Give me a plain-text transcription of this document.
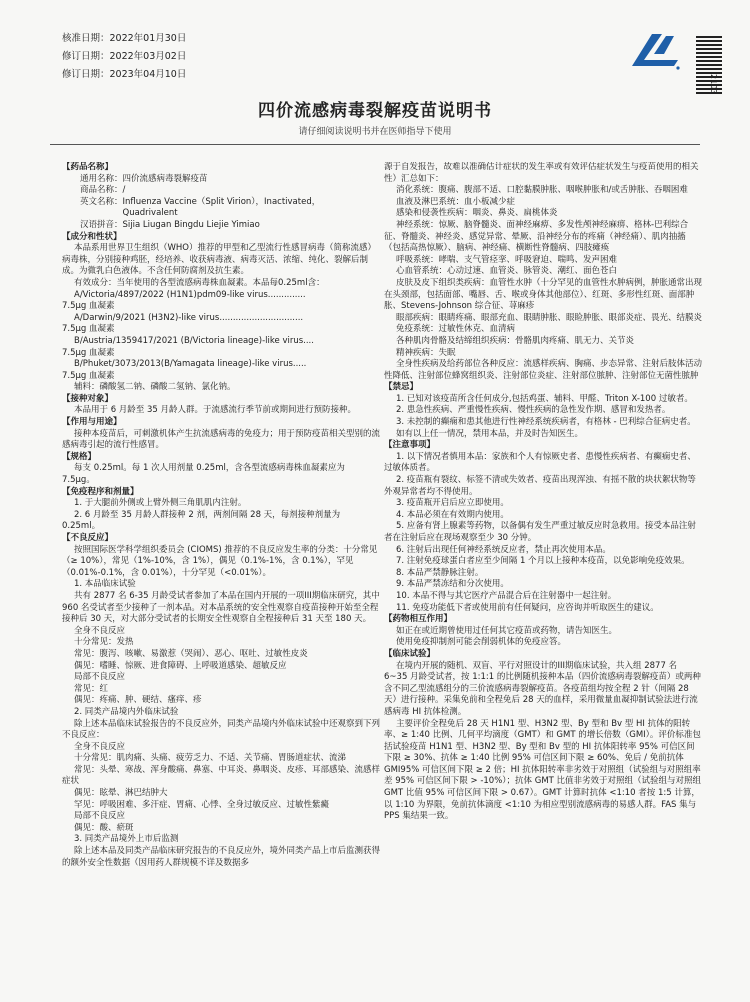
核准日期：2022年01月30日
修订日期：2022年03月02日
修订日期：2023年04月10日	2103
四价流感病毒裂解疫苗说明书
请仔细阅读说明书并在医师指导下使用

【药品名称】

通用名称：四价流感病毒裂解疫苗

商品名称：/

英文名称：Influenza Vaccine（Split Virion），Inactivated，

　　　　　Quadrivalent

汉语拼音：Sijia Liugan Bingdu Liejie Yimiao

【成分和性状】

本品系用世界卫生组织（WHO）推荐的甲型和乙型流行性感冒病毒（简称流感）病毒株，分别接种鸡胚，经培养、收获病毒液、病毒灭活、浓缩、纯化、裂解后制成。为微乳白色液体。不含任何防腐剂及抗生素。

有效成分：当年使用的各型流感病毒株血凝素。本品每0.25ml含：

A/Victoria/4897/2022 (H1N1)pdm09-like virus..............

7.5μg 血凝素

A/Darwin/9/2021 (H3N2)-like virus...............................

7.5μg 血凝素

B/Austria/1359417/2021 (B/Victoria lineage)-like virus....

7.5μg 血凝素

B/Phuket/3073/2013(B/Yamagata lineage)-like virus.....

7.5μg 血凝素

辅料：磷酸氢二钠、磷酸二氢钠、氯化钠。

【接种对象】

本品用于 6 月龄至 35 月龄人群。于流感流行季节前或期间进行预防接种。

【作用与用途】

接种本疫苗后，可刺激机体产生抗流感病毒的免疫力；用于预防疫苗相关型别的流感病毒引起的流行性感冒。

【规格】

每支 0.25ml。每 1 次人用剂量 0.25ml，含各型流感病毒株血凝素应为 7.5μg。

【免疫程序和剂量】

1. 于大腿前外侧或上臂外侧三角肌肌内注射。

2. 6 月龄至 35 月龄人群接种 2 剂，两剂间隔 28 天，每剂接种剂量为 0.25ml。

【不良反应】

按照国际医学科学组织委员会 (CIOMS) 推荐的不良反应发生率的分类：十分常见（≥ 10%），常见（1%-10%，含 1%），偶见（0.1%-1%，含 0.1%），罕见（0.01%-0.1%，含 0.01%），十分罕见（<0.01%）。

1. 本品临床试验

共有 2877 名 6-35 月龄受试者参加了本品在国内开展的一项III期临床研究，其中 960 名受试者至少接种了一剂本品。对本品系统的安全性观察自疫苗接种开始至全程接种后 30 天，对大部分受试者的长期安全性观察自全程接种后 31 天至 180 天。

全身不良反应

十分常见：发热

常见：腹泻、咳嗽、易激惹（哭闹）、恶心、呕吐、过敏性皮炎

偶见：嗜睡、惊厥、进食障碍、上呼吸道感染、超敏反应

局部不良反应

常见：红

偶见：疼痛、肿、硬结、瘙痒、疹

2. 同类产品境内外临床试验

除上述本品临床试验报告的不良反应外，同类产品境内外临床试验中还观察到下列不良反应：

全身不良反应

十分常见：肌肉痛、头痛、疲劳乏力、不适、关节痛、胃肠道症状、流涕

常见：头晕、寒战、浑身酸痛、鼻塞、中耳炎、鼻咽炎、皮疹、耳部感染、流感样症状

偶见：眩晕、淋巴结肿大

罕见：呼吸困难、多汗症、胃痛、心悸、全身过敏反应、过敏性紫癜

局部不良反应

偶见：酸、瘀斑

3. 同类产品境外上市后监测

除上述本品及同类产品临床研究报告的不良反应外，境外同类产品上市后监测获得的额外安全性数据（因用药人群规模不详及数据多

源于自发报告，故难以准确估计症状的发生率或有效评估症状发生与疫苗使用的相关性）汇总如下：

消化系统：腹痛、腹部不适、口腔黏膜肿胀、咽喉肿胀和/或舌肿胀、吞咽困难

血液及淋巴系统：血小板减少症

感染和侵袭性疾病：咽炎、鼻炎、扁桃体炎

神经系统：惊厥、脑脊髓炎、面神经麻痹、多发性颅神经麻痹、格林-巴利综合征、脊髓炎、神经炎、感觉异常、晕厥、沿神经分布的疼痛（神经痛）、肌肉抽搐（包括高热惊厥）、脑病、神经痛、横断性脊髓病、四肢瘫痪

呼吸系统：哮喘、支气管痉挛、呼吸窘迫、喘鸣、发声困难

心血管系统：心动过速、血管炎、脉管炎、潮红、面色苍白

皮肤及皮下组织类疾病：血管性水肿（十分罕见的血管性水肿病例，肿胀通常出现在头颈部，包括面部、嘴唇、舌、喉或身体其他部位）、红斑、多形性红斑、面部肿胀、Stevens-Johnson 综合征、荨麻疹

眼部疾病：眼睛疼痛、眼部充血、眼睛肿胀、眼睑肿胀、眼部炎症、畏光、结膜炎

免疫系统：过敏性休克、血清病

各种肌肉骨骼及结缔组织疾病：骨骼肌肉疼痛、肌无力、关节炎

精神疾病：失眠

全身性疾病及给药部位各种反应：流感样疾病、胸痛、步态异常、注射后肢体活动性降低、注射部位蜂窝组织炎、注射部位炎症、注射部位脓肿、注射部位无菌性脓肿

【禁忌】

1. 已知对该疫苗所含任何成分,包括鸡蛋、辅料、甲醛、Triton X-100 过敏者。

2. 患急性疾病、严重慢性疾病、慢性疾病的急性发作期、感冒和发热者。

3. 未控制的癫痫和患其他进行性神经系统疾病者，有格林 - 巴利综合征病史者。

如有以上任一情况，禁用本品，并及时告知医生。

【注意事项】

1. 以下情况者慎用本品：家族和个人有惊厥史者、患慢性疾病者、有癫痫史者、过敏体质者。

2. 疫苗瓶有裂纹、标签不清或失效者、疫苗出现浑浊、有摇不散的块状絮状物等外观异常者均不得使用。

3. 疫苗瓶开启后应立即使用。

4. 本品必须在有效期内使用。

5. 应备有肾上腺素等药物，以备偶有发生严重过敏反应时急救用。接受本品注射者在注射后应在现场观察至少 30 分钟。

6. 注射后出现任何神经系统反应者，禁止再次使用本品。

7. 注射免疫球蛋白者应至少间隔 1 个月以上接种本疫苗，以免影响免疫效果。

8. 本品严禁静脉注射。

9. 本品严禁冻结和分次使用。

10. 本品不得与其它医疗产品混合后在注射器中一起注射。

11. 免疫功能低下者或使用前有任何疑问，应咨询并听取医生的建议。

【药物相互作用】

如正在或近期曾使用过任何其它疫苗或药物，请告知医生。

使用免疫抑制剂可能会削弱机体的免疫应答。

【临床试验】

在境内开展的随机、双盲、平行对照设计的III期临床试验，共入组 2877 名 6~35 月龄受试者，按 1:1:1 的比例随机接种本品（四价流感病毒裂解疫苗）或两种含不同乙型流感组分的三价流感病毒裂解疫苗。各疫苗组均按全程 2 针（间隔 28 天）进行接种。采集免前和全程免后 28 天的血样，采用微量血凝抑制试验法进行流感病毒 HI 抗体检测。

主要评价全程免后 28 天 H1N1 型、H3N2 型、By 型和 Bv 型 HI 抗体的阳转率、≥ 1:40 比例、几何平均滴度（GMT）和 GMT 的增长倍数（GMI）。评价标准包括试验疫苗 H1N1 型、H3N2 型、By 型和 Bv 型的 HI 抗体阳转率 95% 可信区间下限 ≥ 30%、抗体 ≥ 1:40 比例 95% 可信区间下限 ≥ 60%、免后 / 免前抗体 GMI95% 可信区间下限 ≥ 2 倍；HI 抗体阳转率非劣效于对照组（试验组与对照组率差 95% 可信区间下限 > -10%）；抗体 GMT 比值非劣效于对照组（试验组与对照组 GMT 比值 95% 可信区间下限 > 0.67）。GMT 计算时抗体 <1:10 者按 1:5 计算，以 1:10 为界限，免前抗体滴度 <1:10 为相应型别流感病毒的易感人群。FAS 集与 PPS 集结果一致。
